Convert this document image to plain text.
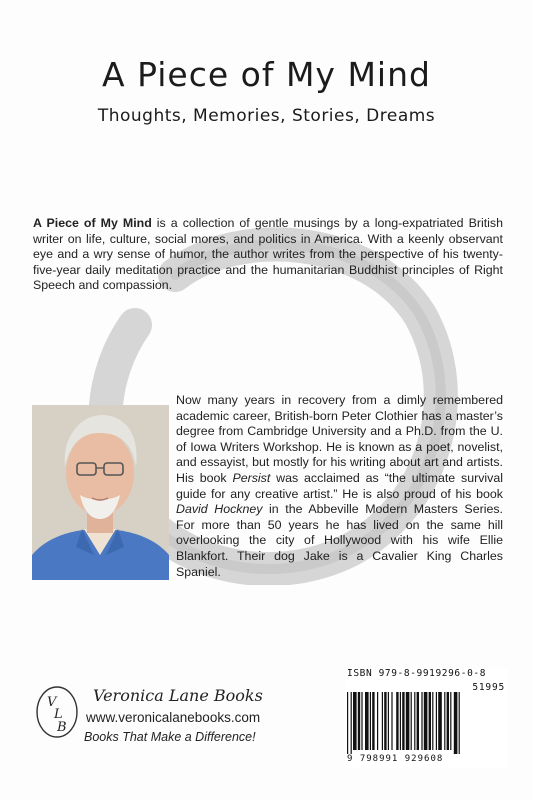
A Piece of My Mind
Thoughts, Memories, Stories, Dreams
A Piece of My Mind is a collection of gentle musings by a long-expatriated British writer on life, culture, social mores, and politics in America. With a keenly observant eye and a wry sense of humor, the author writes from the perspective of his twenty-five-year daily meditation practice and the humanitarian Buddhist principles of Right Speech and compassion.
Now many years in recovery from a dimly remembered academic career, British-born Peter Clothier has a master’s degree from Cambridge University and a Ph.D. from the U. of Iowa Writers Workshop. He is known as a poet, novelist, and essayist, but mostly for his writing about art and artists. His book Persist was acclaimed as “the ultimate survival guide for any creative artist.” He is also proud of his book David Hockney in the Abbeville Modern Masters Series. For more than 50 years he has lived on the same hill overlooking the city of Hollywood with his wife Ellie Blankfort. Their dog Jake is a Cavalier King Charles Spaniel.
V
L
B
Veronica Lane Books
www.veronicalanebooks.com
Books That Make a Difference!
ISBN 979-8-9919296-0-8
51995
9 798991 929608
